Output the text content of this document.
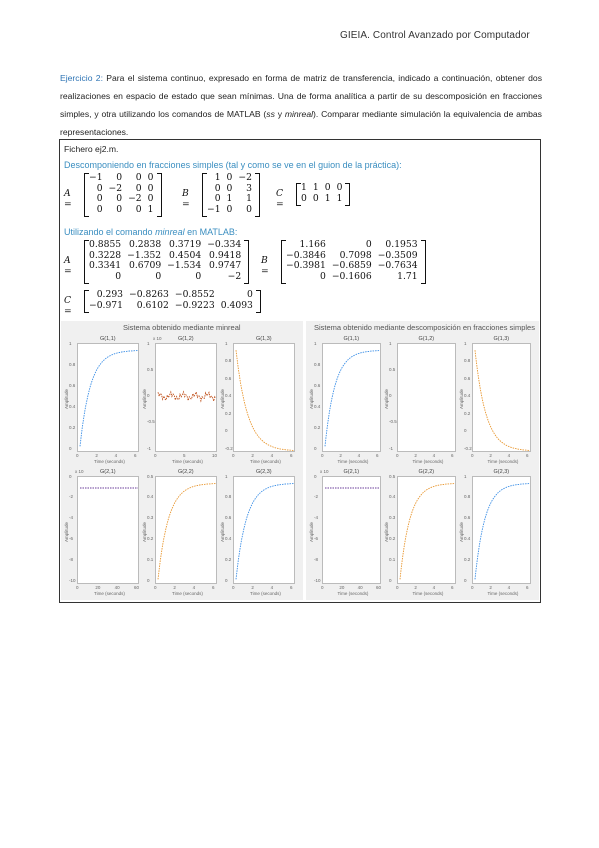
GIEIA. Control Avanzado por Computador
Ejercicio 2: Para el sistema continuo, expresado en forma de matriz de transferencia, indicado a continuación, obtener dos realizaciones en espacio de estado que sean mínimas. Una de forma analítica a partir de su descomposición en fracciones simples, y otra utilizando los comandos de MATLAB (ss y minreal). Comparar mediante simulación la equivalencia de ambas representaciones.
Fichero ej2.m.
Descomponiendo en fracciones simples (tal y como se ve en el guion de la práctica):
Utilizando el comando minreal en MATLAB:
A =
−1	0	0	0
0	−2	0	0
0	0	−2	0
0	0	0	1
B =
1	0	−2
0	0	3
0	1	1
−1	0	0
C =
1	1	0	0
0	0	1	1
A =
0.8855	0.2838	0.3719	−0.334
0.3228	−1.352	0.4504	0.9418
0.3341	0.6709	−1.534	0.9747
0	0	0	−2
B =
1.166	0	0.1953
−0.3846	0.7098	−0.3509
−0.3981	−0.6859	−0.7634
0	−0.1606	1.71
C =
0.293	−0.8263	−0.8552	0
−0.971	0.6102	−0.9223	0.4093
Sistema obtenido mediante minreal
G(1,1)
1
0.8
0.6
0.4
0.2
0
0	2	4	6
Time (seconds)
Amplitude
G(1,2)
x 10
1
0.5
0
-0.5
-1
0	5	10
Time (seconds)
Amplitude
G(1,3)
1
0.8
0.6
0.4
0.2
0
-0.2
0	2	4	6
Time (seconds)
Amplitude
G(2,1)
x 10
0
-2
-4
-6
-8
-10
0	20	40	60
Time (seconds)
Amplitude
G(2,2)
0.5
0.4
0.3
0.2
0.1
0
0	2	4	6
Time (seconds)
Amplitude
G(2,3)
1
0.8
0.6
0.4
0.2
0
0	2	4	6
Time (seconds)
Amplitude
Sistema obtenido mediante descomposición en fracciones simples
G(1,1)
1
0.8
0.6
0.4
0.2
0
0	2	4	6
Time (seconds)
Amplitude
G(1,2)
1
0.5
0
-0.5
-1
0	2	4	6
Time (seconds)
Amplitude
G(1,3)
1
0.8
0.6
0.4
0.2
0
-0.2
0	2	4	6
Time (seconds)
Amplitude
G(2,1)
x 10
0
-2
-4
-6
-8
-10
0	20	40	60
Time (seconds)
Amplitude
G(2,2)
0.5
0.4
0.3
0.2
0.1
0
0	2	4	6
Time (seconds)
Amplitude
G(2,3)
1
0.8
0.6
0.4
0.2
0
0	2	4	6
Time (seconds)
Amplitude
